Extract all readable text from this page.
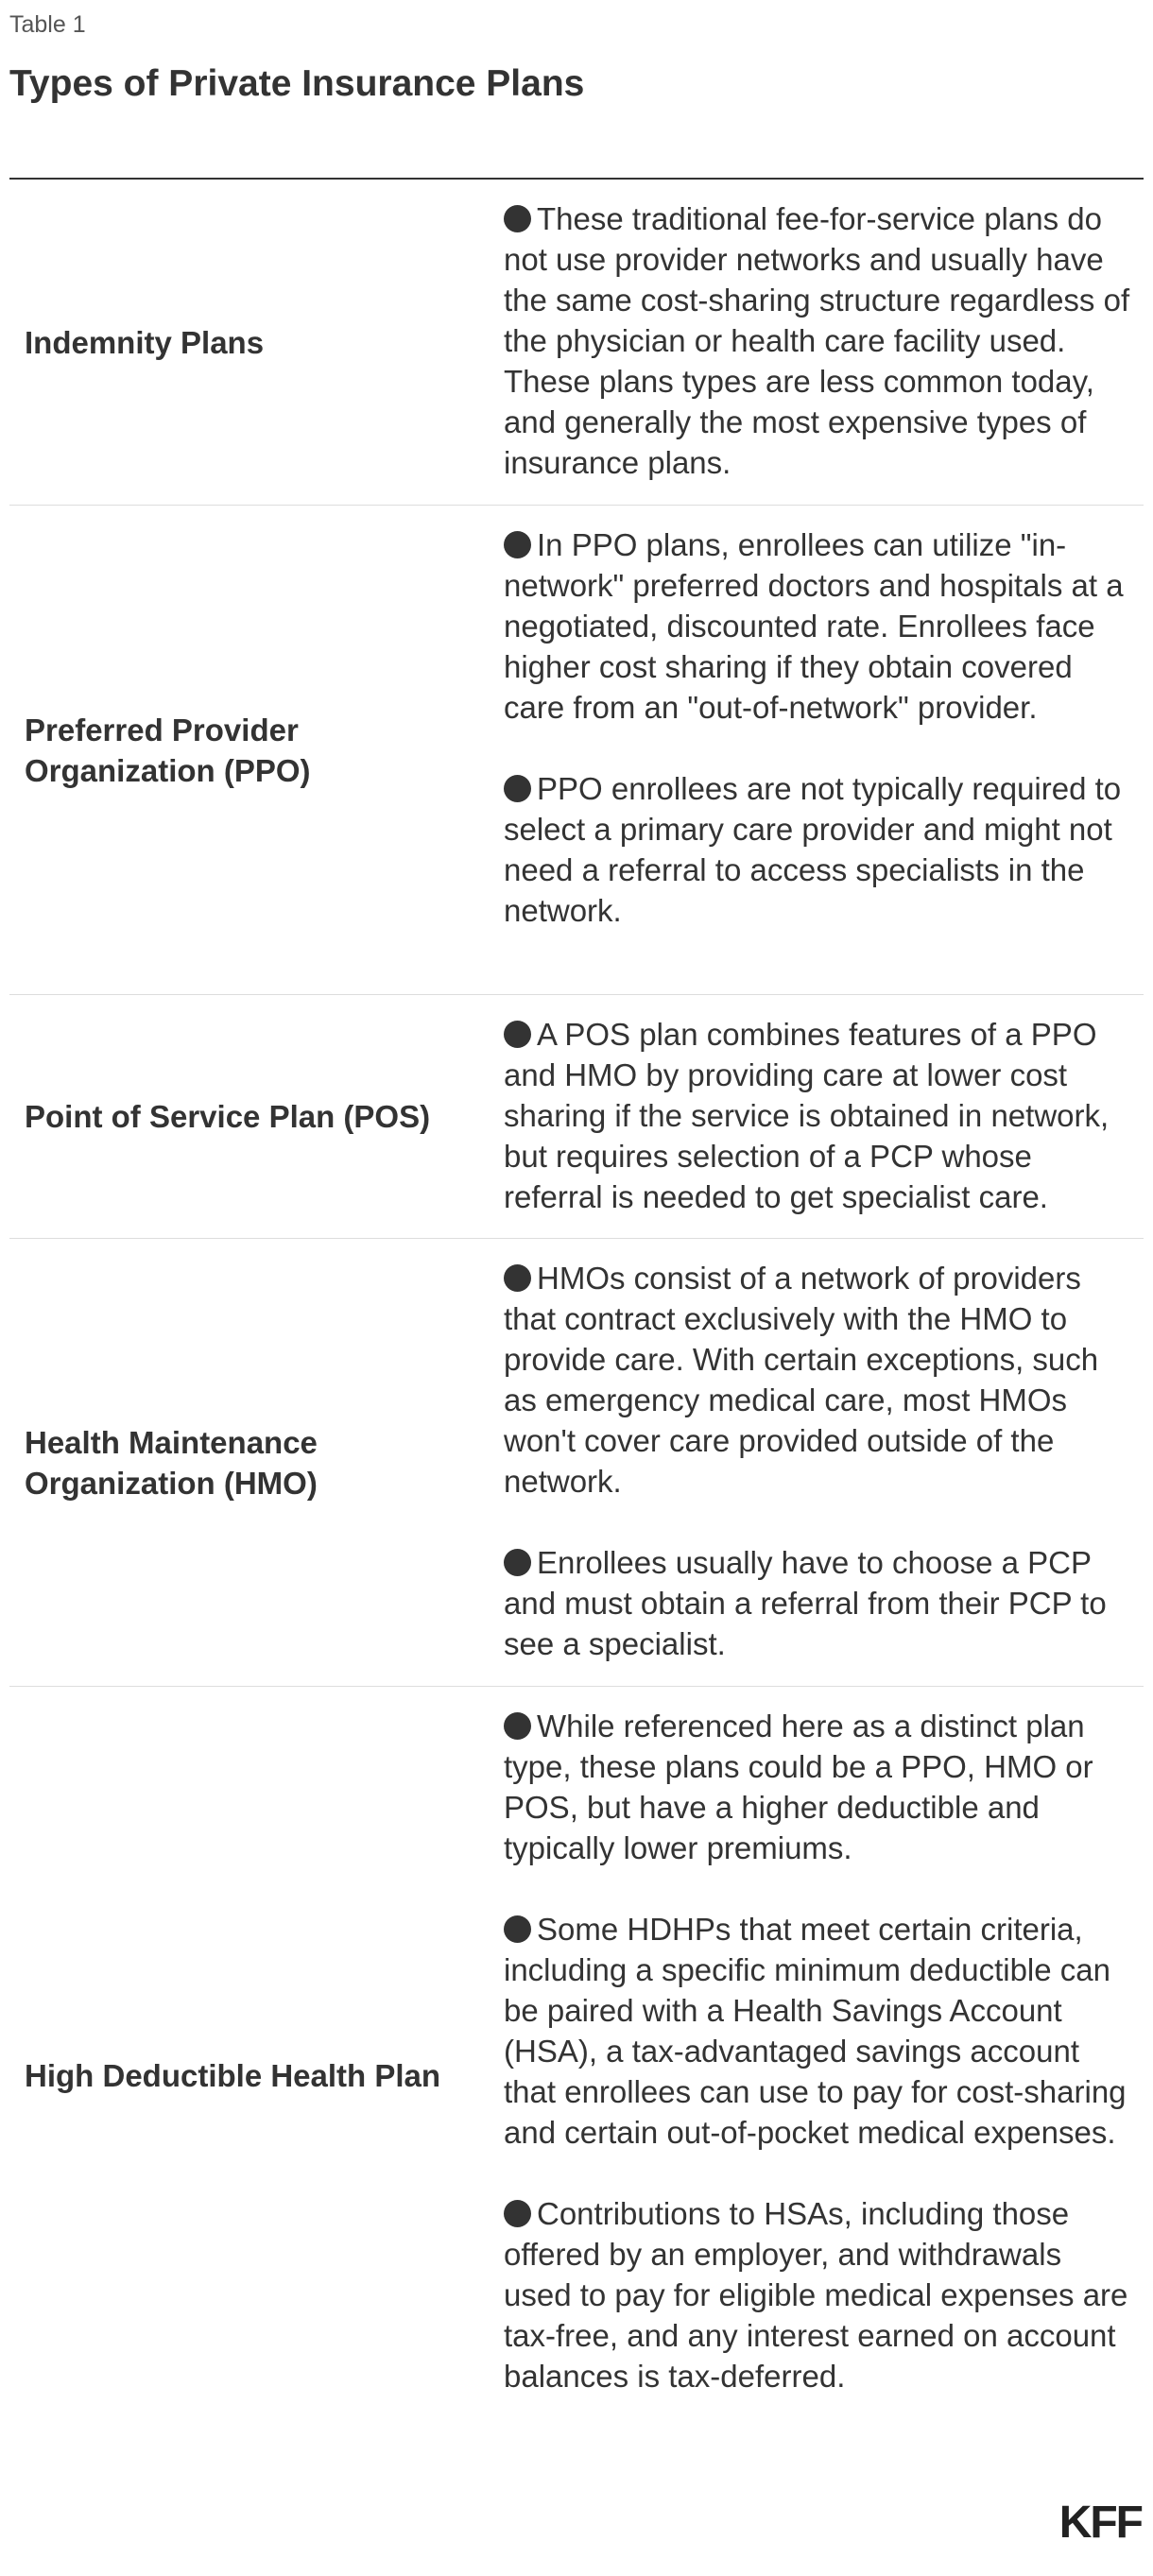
Table 1
Types of Private Insurance Plans
Indemnity Plans

These traditional fee-for-service plans do not use provider networks and usually have the same cost-sharing structure regardless of the physician or health care facility used. These plans types are less common today, and generally the most expensive types of insurance plans.

Preferred Provider Organization (PPO)

In PPO plans, enrollees can utilize "in-network" preferred doctors and hospitals at a negotiated, discounted rate. Enrollees face higher cost sharing if they obtain covered care from an "out-of-network" provider.

PPO enrollees are not typically required to select a primary care provider and might not need a referral to access specialists in the network.

Point of Service Plan (POS)

A POS plan combines features of a PPO and HMO by providing care at lower cost sharing if the service is obtained in network, but requires selection of a PCP whose referral is needed to get specialist care.

Health Maintenance Organization (HMO)

HMOs consist of a network of providers that contract exclusively with the HMO to provide care. With certain exceptions, such as emergency medical care, most HMOs won't cover care provided outside of the network.

Enrollees usually have to choose a PCP and must obtain a referral from their PCP to see a specialist.

High Deductible Health Plan

While referenced here as a distinct plan type, these plans could be a PPO, HMO or POS, but have a higher deductible and typically lower premiums.

Some HDHPs that meet certain criteria, including a specific minimum deductible can be paired with a Health Savings Account (HSA), a tax-advantaged savings account that enrollees can use to pay for cost-sharing and certain out-of-pocket medical expenses.

Contributions to HSAs, including those offered by an employer, and withdrawals used to pay for eligible medical expenses are tax-free, and any interest earned on account balances is tax-deferred.

KFF
